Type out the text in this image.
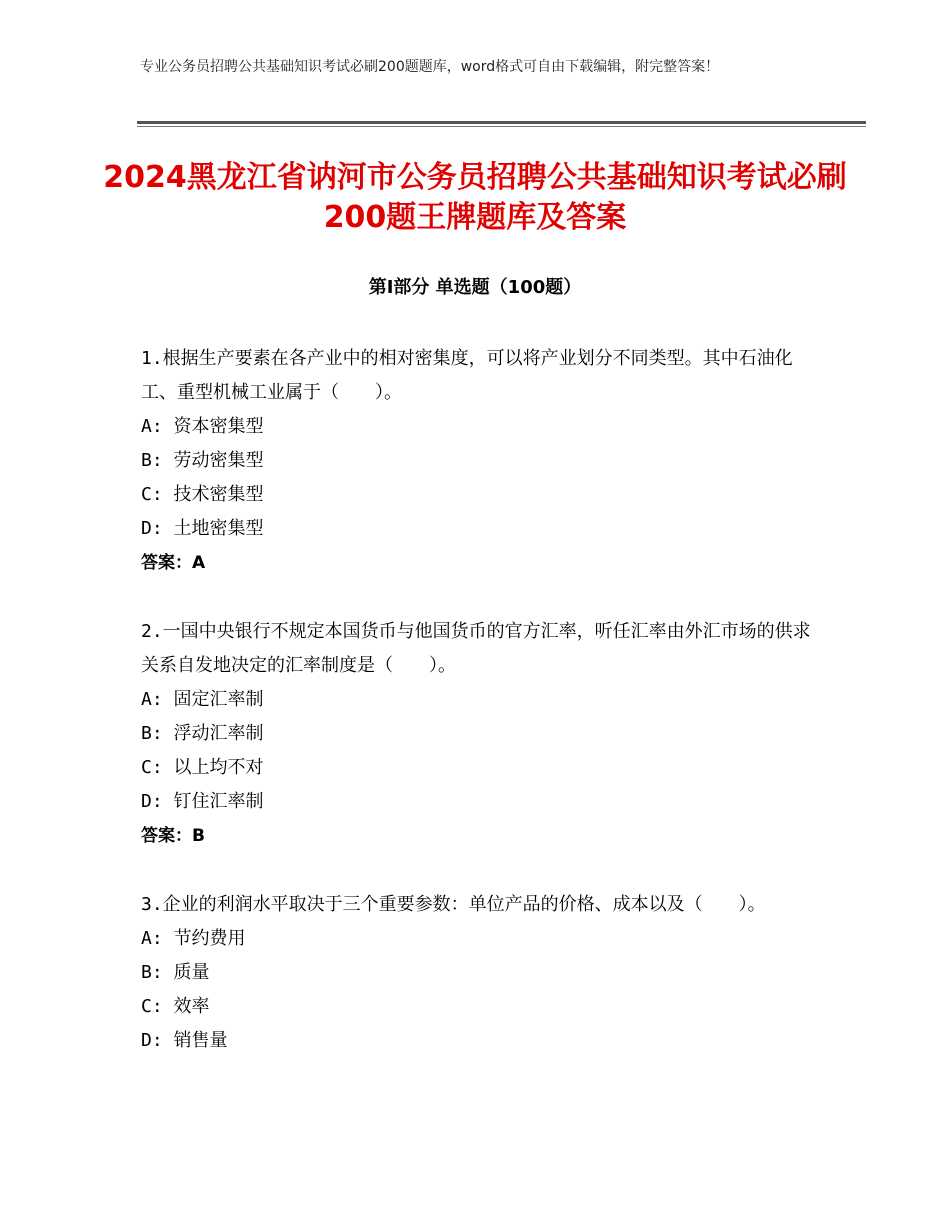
专业公务员招聘公共基础知识考试必刷200题题库，word格式可自由下载编辑，附完整答案！
2024黑龙江省讷河市公务员招聘公共基础知识考试必刷200题王牌题库及答案
第Ⅰ部分 单选题（100题）

1.根据生产要素在各产业中的相对密集度，可以将产业划分不同类型。其中石油化工、重型机械工业属于（　　）。

A: 资本密集型

B: 劳动密集型

C: 技术密集型

D: 土地密集型

答案：A

2.一国中央银行不规定本国货币与他国货币的官方汇率，听任汇率由外汇市场的供求关系自发地决定的汇率制度是（　　）。

A: 固定汇率制

B: 浮动汇率制

C: 以上均不对

D: 钉住汇率制

答案：B

3.企业的利润水平取决于三个重要参数：单位产品的价格、成本以及（　　）。

A: 节约费用

B: 质量

C: 效率

D: 销售量
